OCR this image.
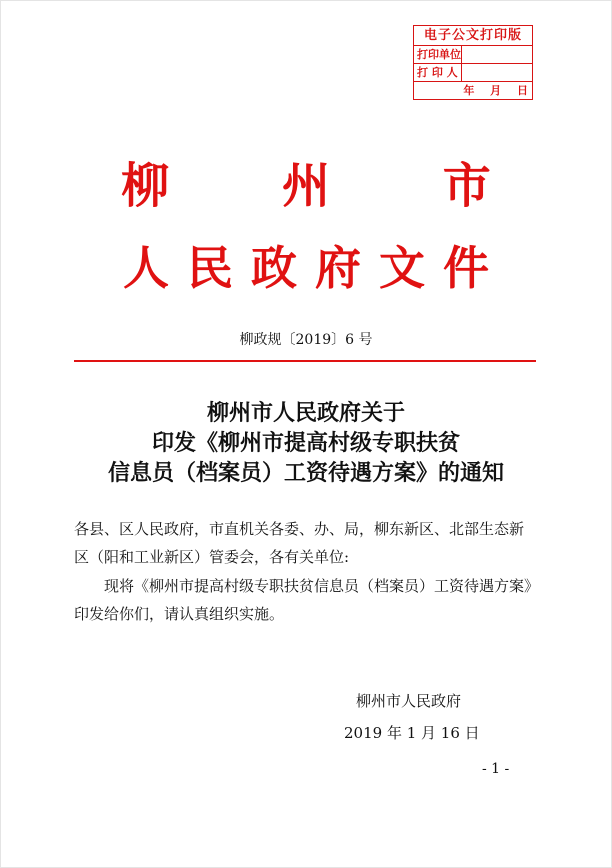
电子公文打印版
打印单位
打 印 人
年 月 日
柳 州 市
人民政府文件
柳政规〔2019〕6 号
柳州市人民政府关于
印发《柳州市提高村级专职扶贫
信息员（档案员）工资待遇方案》的通知
各县、区人民政府，市直机关各委、办、局，柳东新区、北部生态新区（阳和工业新区）管委会，各有关单位:
现将《柳州市提高村级专职扶贫信息员（档案员）工资待遇方案》印发给你们，请认真组织实施。
柳州市人民政府
2019 年 1 月 16 日
- 1 -
